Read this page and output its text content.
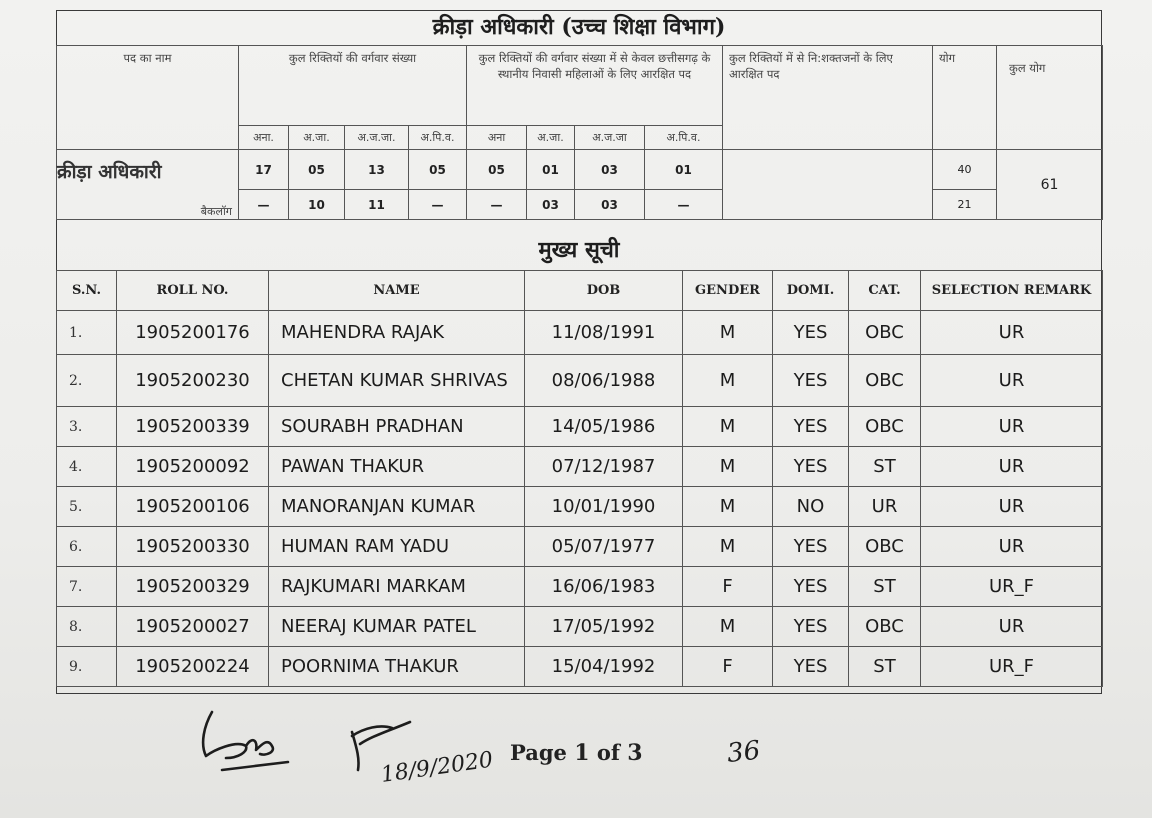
क्रीड़ा अधिकारी (उच्च शिक्षा विभाग)
पद का नाम	कुल रिक्तियों की वर्गवार संख्या				कुल रिक्तियों की वर्गवार संख्या में से केवल छत्तीसगढ़ के स्थानीय निवासी महिलाओं के लिए आरक्षित पद				कुल रिक्तियों में से नि:शक्तजनों के लिए आरक्षित पद	योग	कुल योग
	अना.	अ.जा.	अ.ज.जा.	अ.पि.व.	अना	अ.जा.	अ.ज.जा	अ.पि.व.			
क्रीड़ा अधिकारी	17	05	13	05	05	01	03	01		40	61
बैकलॉग	—	10	11	—	—	03	03	—		21	
मुख्य सूची
S.N.	ROLL NO.	NAME	DOB	GENDER	DOMI.	CAT.	SELECTION REMARK
1.	1905200176	MAHENDRA RAJAK	11/08/1991	M	YES	OBC	UR
2.	1905200230	CHETAN KUMAR SHRIVAS	08/06/1988	M	YES	OBC	UR
3.	1905200339	SOURABH PRADHAN	14/05/1986	M	YES	OBC	UR
4.	1905200092	PAWAN THAKUR	07/12/1987	M	YES	ST	UR
5.	1905200106	MANORANJAN KUMAR	10/01/1990	M	NO	UR	UR
6.	1905200330	HUMAN RAM YADU	05/07/1977	M	YES	OBC	UR
7.	1905200329	RAJKUMARI MARKAM	16/06/1983	F	YES	ST	UR_F
8.	1905200027	NEERAJ KUMAR PATEL	17/05/1992	M	YES	OBC	UR
9.	1905200224	POORNIMA THAKUR	15/04/1992	F	YES	ST	UR_F
18/9/2020	36
Page 1 of 3
